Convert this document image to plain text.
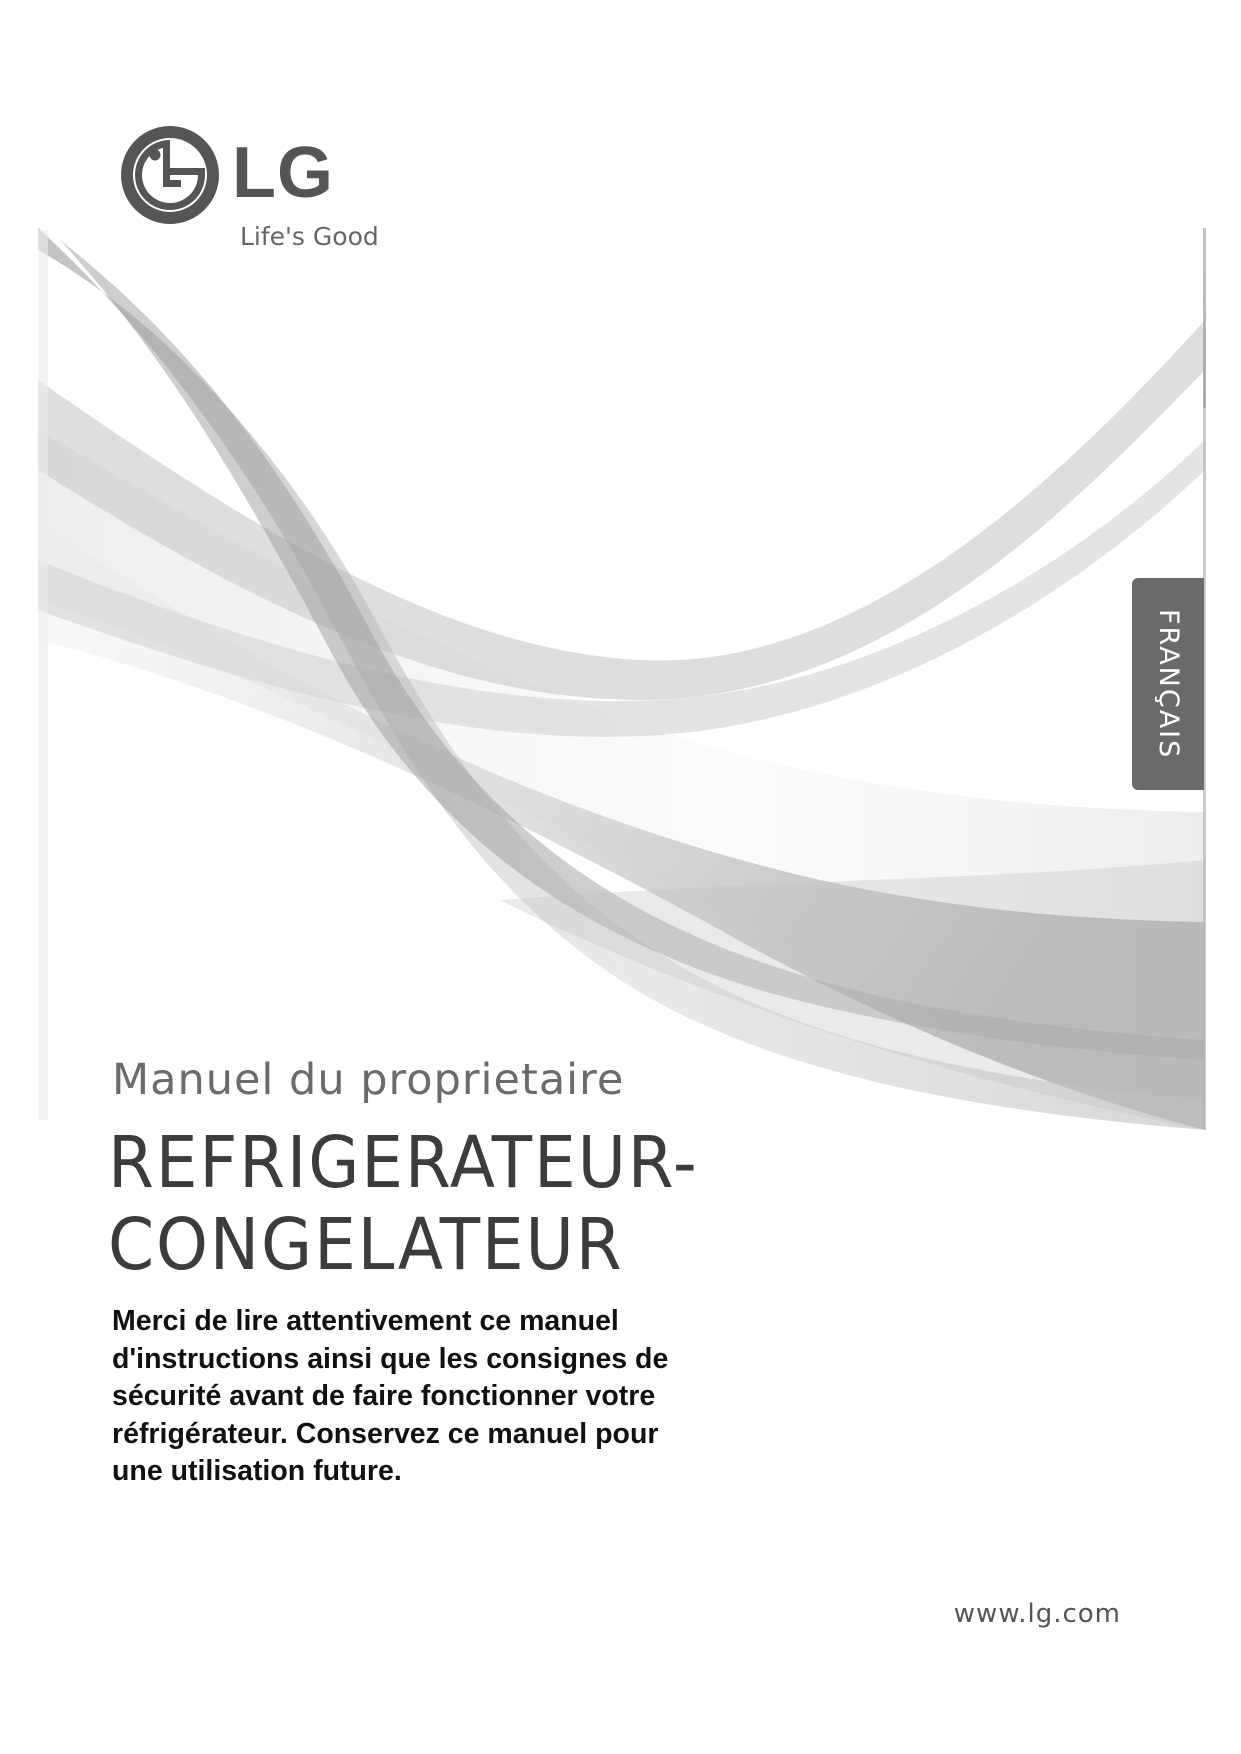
LG
Life's Good
FRANÇAIS
Manuel du proprietaire
REFRIGERATEUR-
CONGELATEUR

Merci de lire attentivement ce manuel d'instructions ainsi que les consignes de sécurité avant de faire fonctionner votre réfrigérateur. Conservez ce manuel pour une utilisation future.

www.lg.com
